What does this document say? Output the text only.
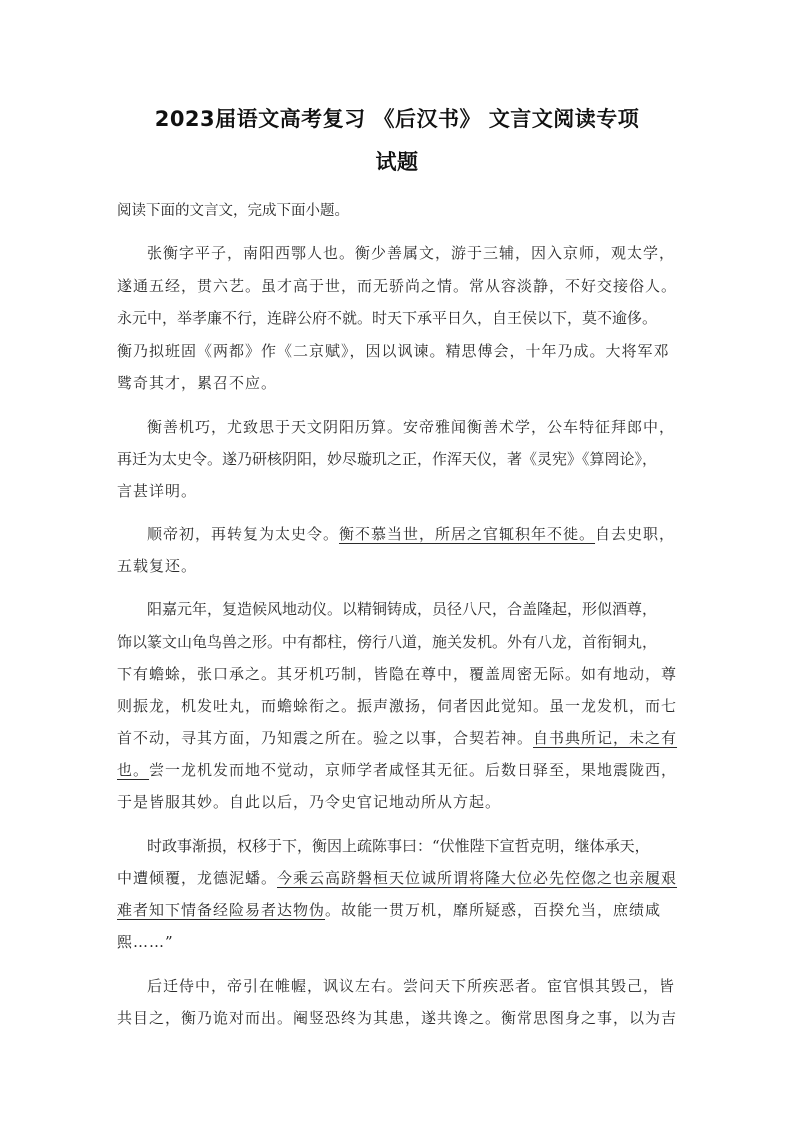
2023届语文高考复习 《后汉书》 文言文阅读专项
试题
阅读下面的文言文，完成下面小题。
张衡字平子，南阳西鄂人也。衡少善属文，游于三辅，因入京师，观太学，
遂通五经，贯六艺。虽才高于世，而无骄尚之情。常从容淡静，不好交接俗人。
永元中，举孝廉不行，连辟公府不就。时天下承平日久，自王侯以下，莫不逾侈。
衡乃拟班固《两都》作《二京赋》，因以讽谏。精思傅会，十年乃成。大将军邓
骘奇其才，累召不应。
衡善机巧，尤致思于天文阴阳历算。安帝雅闻衡善术学，公车特征拜郎中，
再迁为太史令。遂乃研核阴阳，妙尽璇玑之正，作浑天仪，著《灵宪》《算罔论》，
言甚详明。
顺帝初，再转复为太史令。衡不慕当世，所居之官辄积年不徙。自去史职，
五载复还。
阳嘉元年，复造候风地动仪。以精铜铸成，员径八尺，合盖隆起，形似酒尊，
饰以篆文山龟鸟兽之形。中有都柱，傍行八道，施关发机。外有八龙，首衔铜丸，
下有蟾蜍，张口承之。其牙机巧制，皆隐在尊中，覆盖周密无际。如有地动，尊
则振龙，机发吐丸，而蟾蜍衔之。振声激扬，伺者因此觉知。虽一龙发机，而七
首不动，寻其方面，乃知震之所在。验之以事，合契若神。自书典所记，未之有
也。尝一龙机发而地不觉动，京师学者咸怪其无征。后数日驿至，果地震陇西，
于是皆服其妙。自此以后，乃令史官记地动所从方起。
时政事渐损，权移于下，衡因上疏陈事曰：“伏惟陛下宣哲克明，继体承天，
中遭倾覆，龙德泥蟠。今乘云高跻磐桓天位诚所谓将隆大位必先倥偬之也亲履艰
难者知下情备经险易者达物伪。故能一贯万机，靡所疑惑，百揆允当，庶绩咸
熙……”
后迁侍中，帝引在帷幄，讽议左右。尝问天下所疾恶者。宦官惧其毁己，皆
共目之，衡乃诡对而出。阉竖恐终为其患，遂共谗之。衡常思图身之事，以为吉
